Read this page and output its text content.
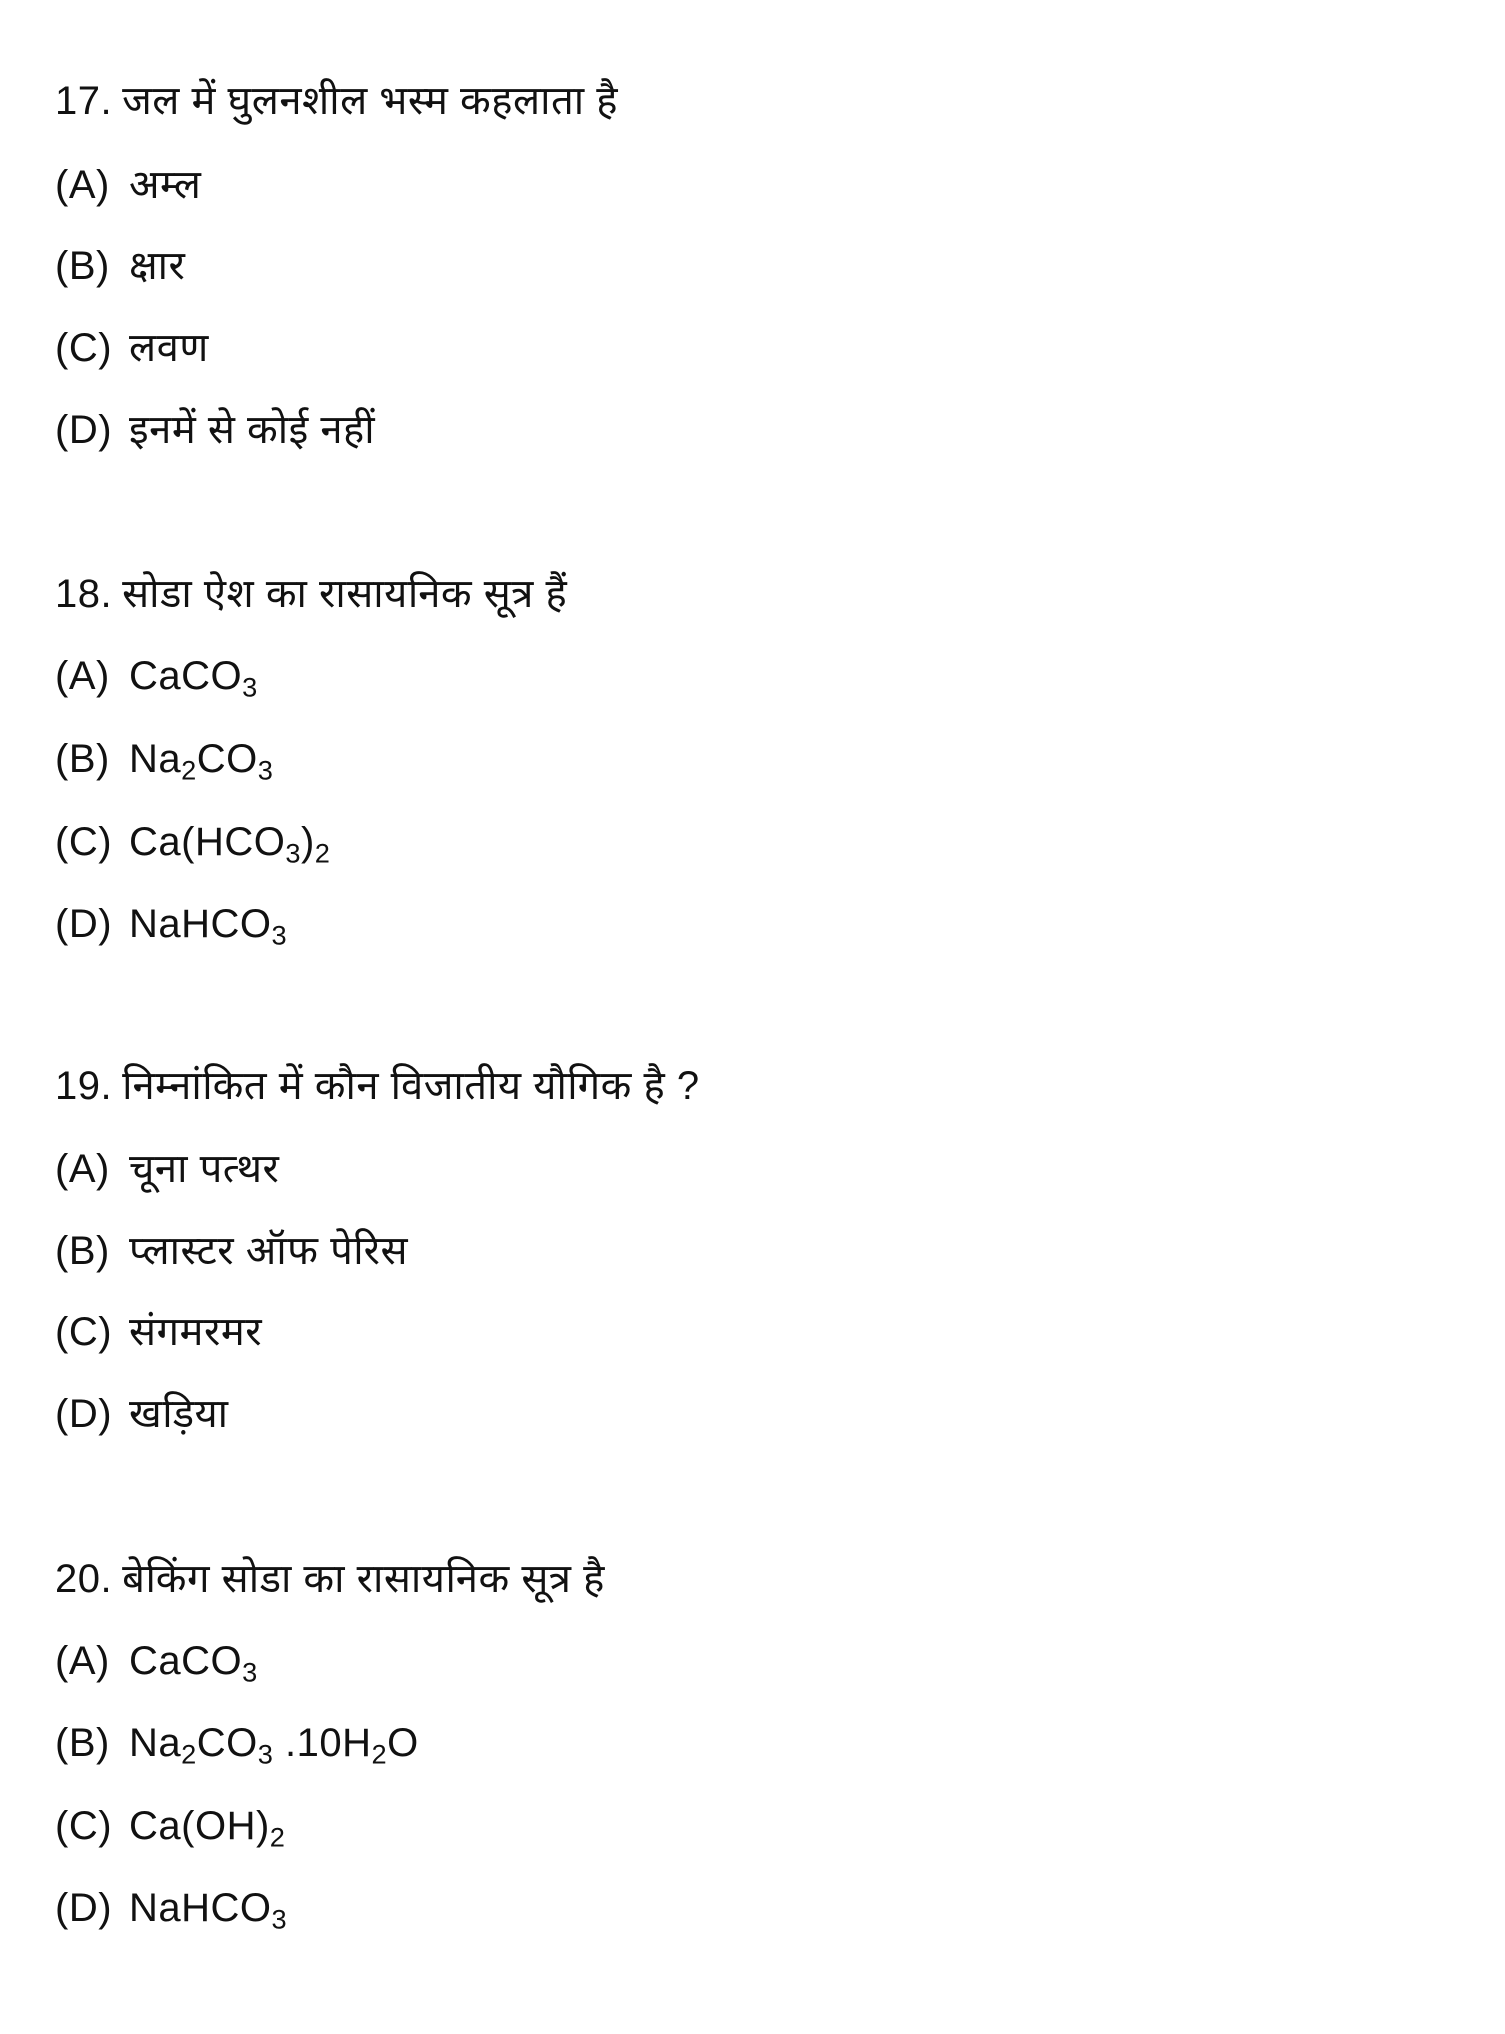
17. जल में घुलनशील भस्म कहलाता है
(A) अम्ल
(B) क्षार
(C) लवण
(D) इनमें से कोई नहीं
18. सोडा ऐश का रासायनिक सूत्र हैं
(A) CaCO$_3$
(B) $Na_2CO_3$
(C) $Ca(HCO_3)_2$
(D) NaHCO$_3$
19. निम्नांकित में कौन विजातीय यौगिक है ?
(A) चूना पत्थर
(B) प्लास्टर ऑफ पेरिस
(C) संगमरमर
(D) खड़िया
20. बेकिंग सोडा का रासायनिक सूत्र है
(A) CaCO$_3$
(B) $Na_2CO_3$ $.10H_2O$
(C) $Ca(OH)_2$
(D) NaHCO$_3$
